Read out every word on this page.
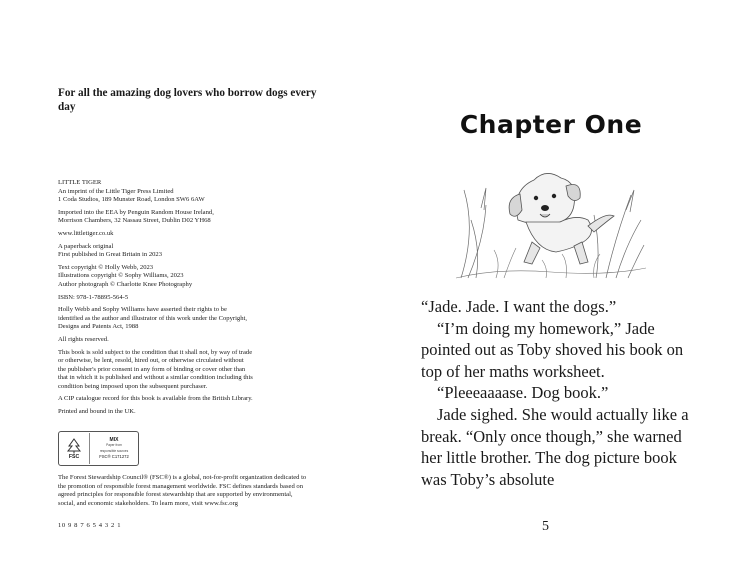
For all the amazing dog lovers who borrow dogs every day

LITTLE TIGER
An imprint of the Little Tiger Press Limited
1 Coda Studios, 189 Munster Road, London SW6 6AW

Imported into the EEA by Penguin Random House Ireland,
Morrison Chambers, 32 Nassau Street, Dublin D02 YH68

www.littletiger.co.uk

A paperback original
First published in Great Britain in 2023

Text copyright © Holly Webb, 2023
Illustrations copyright © Sophy Williams, 2023
Author photograph © Charlotte Knee Photography

ISBN: 978-1-78895-564-5

Holly Webb and Sophy Williams have asserted their rights to be
identified as the author and illustrator of this work under the Copyright,
Designs and Patents Act, 1988

All rights reserved.

This book is sold subject to the condition that it shall not, by way of trade
or otherwise, be lent, resold, hired out, or otherwise circulated without
the publisher's prior consent in any form of binding or cover other than
that in which it is published and without a similar condition including this
condition being imposed upon the subsequent purchaser.

A CIP catalogue record for this book is available from the British Library.

Printed and bound in the UK.

FSC
MIX
Paper from
responsible sources
FSC® C171272
The Forest Stewardship Council® (FSC®) is a global, not-for-profit organization dedicated to the promotion of responsible forest management worldwide. FSC defines standards based on agreed principles for responsible forest stewardship that are supported by environmental, social, and economic stakeholders. To learn more, visit www.fsc.org
10 9 8 7 6 5 4 3 2 1
Chapter One

“Jade. Jade. I want the dogs.”

“I’m doing my homework,” Jade pointed out as Toby shoved his book on top of her maths worksheet.

“Pleeeaaaase. Dog book.”

Jade sighed. She would actually like a break. “Only once though,” she warned her little brother. The dog picture book was Toby’s absolute

5
